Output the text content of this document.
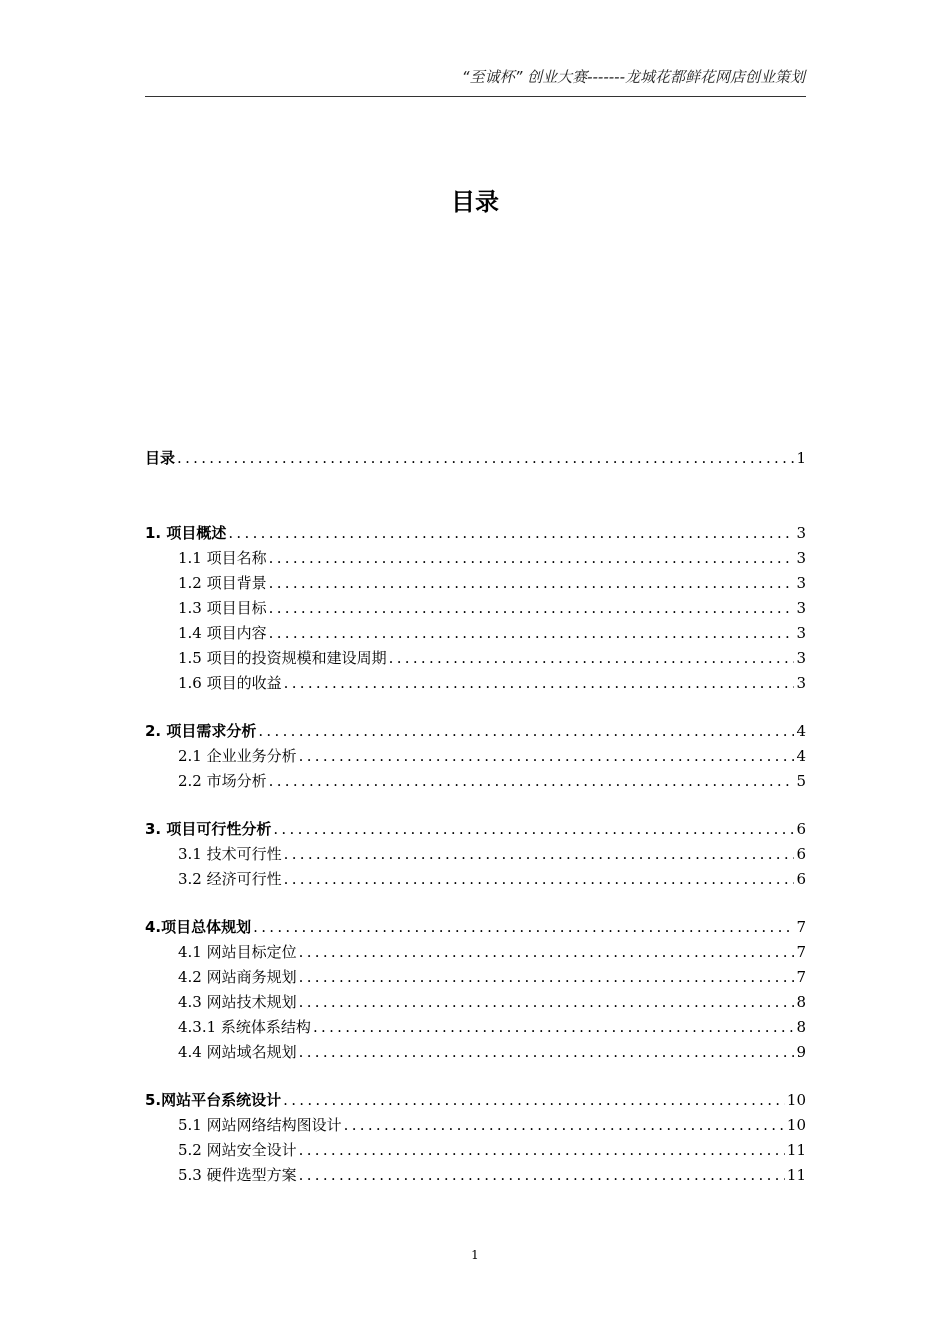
“至诚杯” 创业大赛-------龙城花都鲜花网店创业策划
目录
目录 .....	1
1. 项目概述 .....	3
1.1 项目名称 .....	3
1.2 项目背景 .....	3
1.3 项目目标 .....	3
1.4 项目内容 .....	3
1.5 项目的投资规模和建设周期 .....	3
1.6 项目的收益 .....	3
2. 项目需求分析 .....	4
2.1 企业业务分析 .....	4
2.2 市场分析 .....	5
3. 项目可行性分析 .....	6
3.1 技术可行性 .....	6
3.2 经济可行性 .....	6
4.项目总体规划 .....	7
4.1 网站目标定位 .....	7
4.2 网站商务规划 .....	7
4.3 网站技术规划 .....	8
4.3.1 系统体系结构 .....	8
4.4 网站域名规划 .....	9
5.网站平台系统设计 .....	10
5.1 网站网络结构图设计 .....	10
5.2 网站安全设计 .....	11
5.3 硬件选型方案 .....	11
1
